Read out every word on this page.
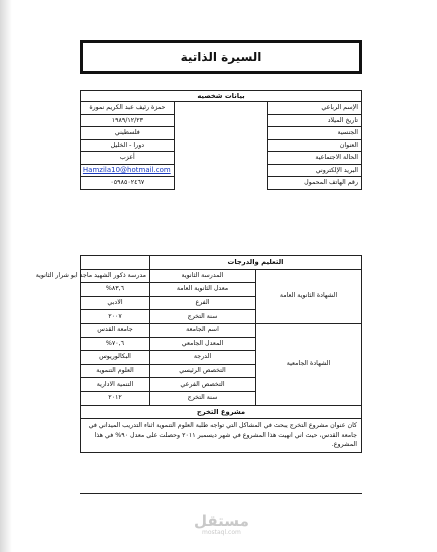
السيرة الذاتية
بيانات شخصيه		
الإسم الرباعي		حمزة رئيف عبد الكريم نمورة
تاريخ الميلاد		١٩٨٩/١٢/٢٣
الجنسية		فلسطيني
العنوان		دورا - الخليل
الحالة الاجتماعية		أعزب
البريد الإلكتروني		Hamzila10@hotmail.com
رقم الهاتف المحمول		٠٥٩٨٥٠٢٤٦٧
التعليم والدرجات		
الشهادة الثانوية العامة	المدرسة الثانوية	مدرسة ذكور الشهيد ماجد ابو شرار الثانوية
	معدل الثانوية العامة	٨٣,٦%
	الفرع	الادبي
	سنة التخرج	٢٠٠٧
الشهادة الجامعية	اسم الجامعة	جامعة القدس
	المعدل الجامعي	٧٠,٦%
	الدرجة	البكالوريوس
	التخصص الرئيسي	العلوم التنموية
	التخصص الفرعي	التنمية الادارية
	سنة التخرج	٢٠١٢
مشروع التخرج		
كان عنوان مشروع التخرج يبحث في المشاكل التي تواجه طلبة العلوم التنموية اثناء التدريب الميداني في جامعة القدس، حيث اني انهيت هذا المشروع في شهر ديسمبر ٢٠١١ وحصلت على معدل ٩٠% في هذا المشروع.		
مستقل
mostaql.com
